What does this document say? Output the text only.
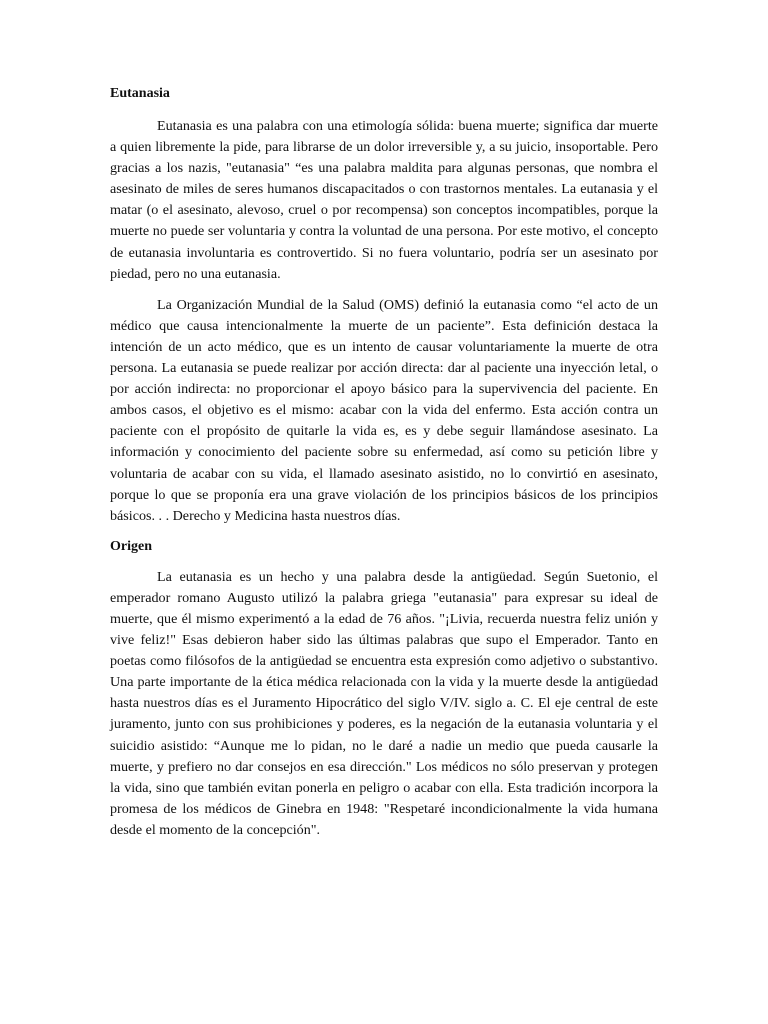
Eutanasia

Eutanasia es una palabra con una etimología sólida: buena muerte; significa dar muerte a quien libremente la pide, para librarse de un dolor irreversible y, a su juicio, insoportable. Pero gracias a los nazis, "eutanasia" “es una palabra maldita para algunas personas, que nombra el asesinato de miles de seres humanos discapacitados o con trastornos mentales. La eutanasia y el matar (o el asesinato, alevoso, cruel o por recompensa) son conceptos incompatibles, porque la muerte no puede ser voluntaria y contra la voluntad de una persona. Por este motivo, el concepto de eutanasia involuntaria es controvertido. Si no fuera voluntario, podría ser un asesinato por piedad, pero no una eutanasia.

La Organización Mundial de la Salud (OMS) definió la eutanasia como “el acto de un médico que causa intencionalmente la muerte de un paciente”. Esta definición destaca la intención de un acto médico, que es un intento de causar voluntariamente la muerte de otra persona. La eutanasia se puede realizar por acción directa: dar al paciente una inyección letal, o por acción indirecta: no proporcionar el apoyo básico para la supervivencia del paciente. En ambos casos, el objetivo es el mismo: acabar con la vida del enfermo. Esta acción contra un paciente con el propósito de quitarle la vida es, es y debe seguir llamándose asesinato. La información y conocimiento del paciente sobre su enfermedad, así como su petición libre y voluntaria de acabar con su vida, el llamado asesinato asistido, no lo convirtió en asesinato, porque lo que se proponía era una grave violación de los principios básicos de los principios básicos. . . Derecho y Medicina hasta nuestros días.

Origen

La eutanasia es un hecho y una palabra desde la antigüedad. Según Suetonio, el emperador romano Augusto utilizó la palabra griega "eutanasia" para expresar su ideal de muerte, que él mismo experimentó a la edad de 76 años. "¡Livia, recuerda nuestra feliz unión y vive feliz!" Esas debieron haber sido las últimas palabras que supo el Emperador. Tanto en poetas como filósofos de la antigüedad se encuentra esta expresión como adjetivo o substantivo. Una parte importante de la ética médica relacionada con la vida y la muerte desde la antigüedad hasta nuestros días es el Juramento Hipocrático del siglo V/IV. siglo a. C. El eje central de este juramento, junto con sus prohibiciones y poderes, es la negación de la eutanasia voluntaria y el suicidio asistido: “Aunque me lo pidan, no le daré a nadie un medio que pueda causarle la muerte, y prefiero no dar consejos en esa dirección." Los médicos no sólo preservan y protegen la vida, sino que también evitan ponerla en peligro o acabar con ella. Esta tradición incorpora la promesa de los médicos de Ginebra en 1948: "Respetaré incondicionalmente la vida humana desde el momento de la concepción".
